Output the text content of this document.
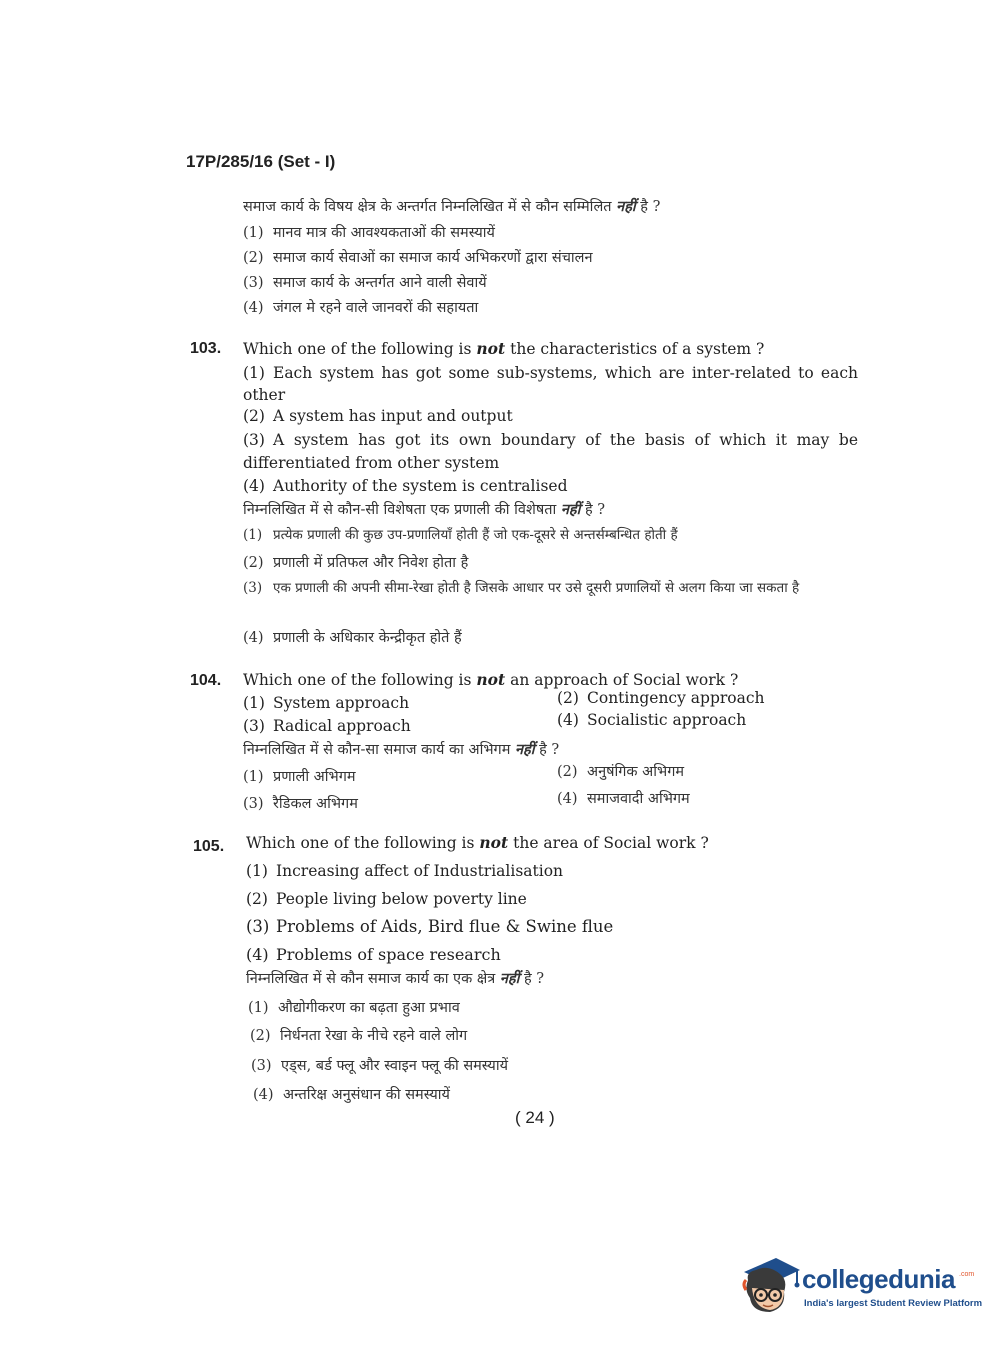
17P/285/16 (Set - I)
समाज कार्य के विषय क्षेत्र के अन्तर्गत निम्नलिखित में से कौन सम्मिलित नहीं है ?
(1) मानव मात्र की आवश्यकताओं की समस्यायें
(2) समाज कार्य सेवाओं का समाज कार्य अभिकरणों द्वारा संचालन
(3) समाज कार्य के अन्तर्गत आने वाली सेवायें
(4) जंगल मे रहने वाले जानवरों की सहायता
103. Which one of the following is not the characteristics of a system ?
(1) Each system has got some sub-systems, which are inter-related to each other
(2) A system has input and output
(3) A system has got its own boundary of the basis of which it may be differentiated from other system
(4) Authority of the system is centralised
निम्नलिखित में से कौन-सी विशेषता एक प्रणाली की विशेषता नहीं है ?
(1) प्रत्येक प्रणाली की कुछ उप-प्रणालियाँ होती हैं जो एक-दूसरे से अन्तर्सम्बन्धित होती हैं
(2) प्रणाली में प्रतिफल और निवेश होता है
(3) एक प्रणाली की अपनी सीमा-रेखा होती है जिसके आधार पर उसे दूसरी प्रणालियों से अलग किया जा सकता है
(4) प्रणाली के अधिकार केन्द्रीकृत होते हैं
104. Which one of the following is not an approach of Social work ?
(1) System approach	(2) Contingency approach
(3) Radical approach	(4) Socialistic approach
निम्नलिखित में से कौन-सा समाज कार्य का अभिगम नहीं है ?
(1) प्रणाली अभिगम	(2) अनुषंगिक अभिगम
(3) रैडिकल अभिगम	(4) समाजवादी अभिगम
105. Which one of the following is not the area of Social work ?
(1) Increasing affect of Industrialisation
(2) People living below poverty line
(3) Problems of Aids, Bird flue & Swine flue
(4) Problems of space research
निम्नलिखित में से कौन समाज कार्य का एक क्षेत्र नहीं है ?
(1) औद्योगीकरण का बढ़ता हुआ प्रभाव
(2) निर्धनता रेखा के नीचे रहने वाले लोग
(3) एड्स, बर्ड फ्लू और स्वाइन फ्लू की समस्यायें
(4) अन्तरिक्ष अनुसंधान की समस्यायें
( 24 )
collegedunia .com
India's largest Student Review Platform
